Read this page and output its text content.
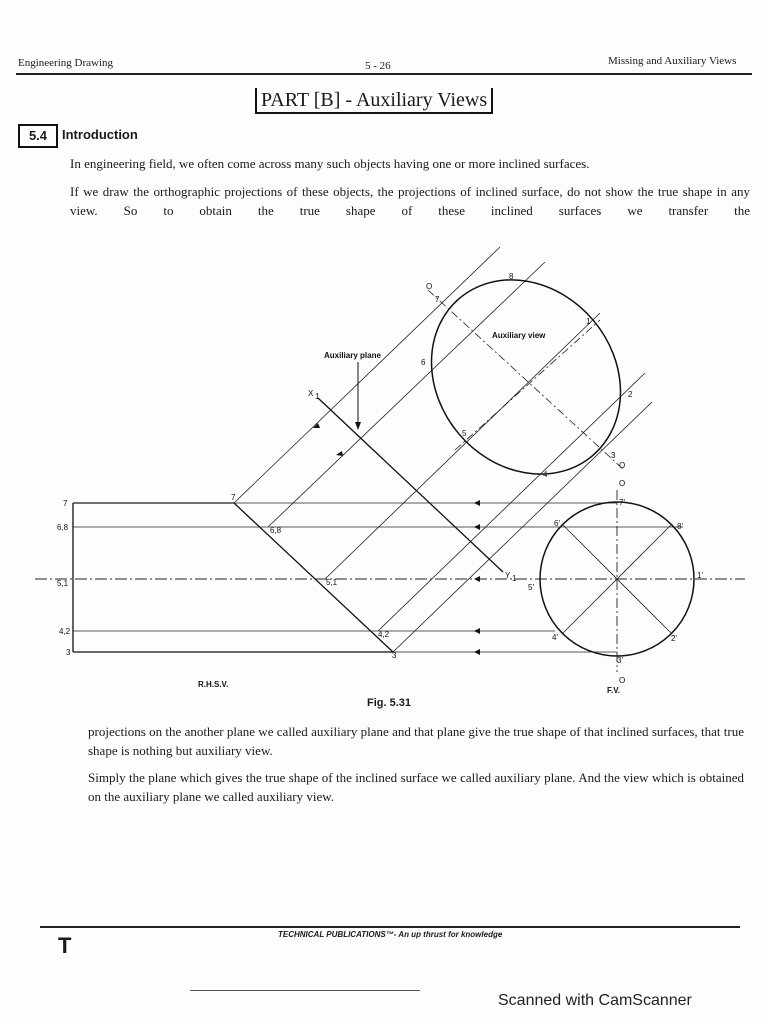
Engineering Drawing	5 - 26	Missing and Auxiliary Views
PART [B] - Auxiliary Views
5.4	Introduction
In engineering field, we often come across many such objects having one or more inclined surfaces.
If we draw the orthographic projections of these objects, the projections of inclined surface, do not show the true shape in any view. So to obtain the true shape of these inclined surfaces we transfer the
Auxiliary plane
Auxiliary view
X 1
Y 1
R.H.S.V.
F.V.
O
O
O
O
7
6,8
5,1
4,2
3
7
6,8
5,1
4,2
3
7'
6'	8'
5'
1'
4'	2'
3'
1
2
3
4
5
6
7
8
Fig. 5.31
projections on the another plane we called auxiliary plane and that plane give the true shape of that inclined surfaces, that true shape is nothing but auxiliary view.
Simply the plane which gives the true shape of the inclined surface we called auxiliary plane. And the view which is obtained on the auxiliary plane we called auxiliary view.
T	TECHNICAL PUBLICATIONS™- An up thrust for knowledge
Scanned with CamScanner
